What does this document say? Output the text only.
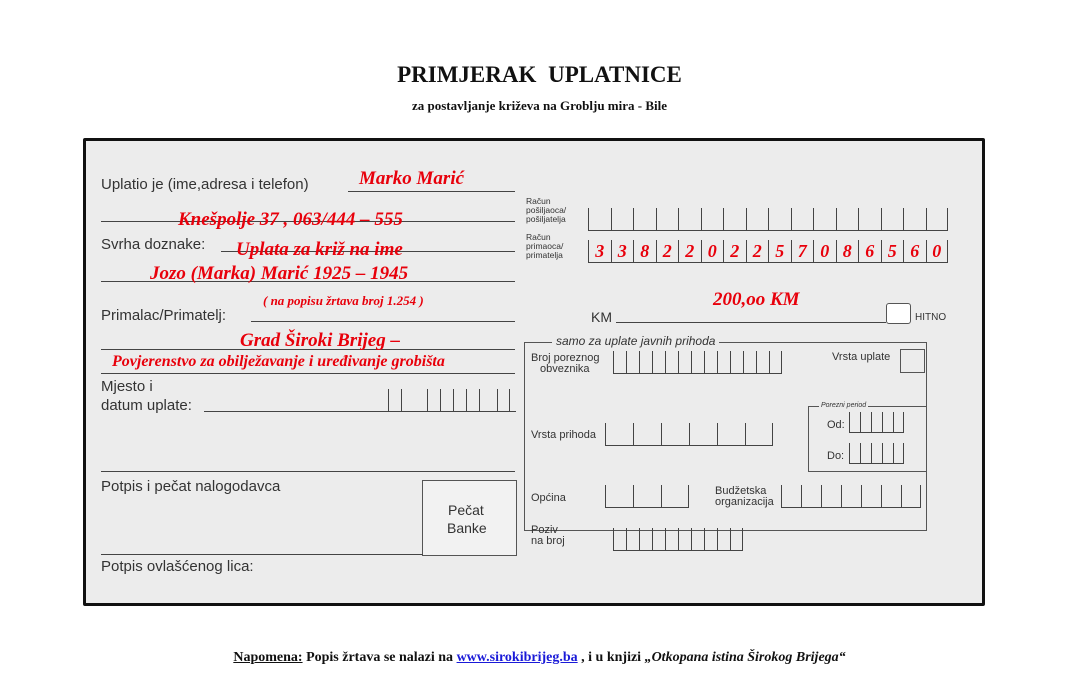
PRIMJERAK UPLATNICE
za postavljanje križeva na Groblju mira - Bile
Uplatio je (ime,adresa i telefon)	Marko Marić
Knešpolje 37 , 063/444 – 555
Svrha doznake: Uplata za križ na ime
Jozo (Marka) Marić 1925 – 1945
( na popisu žrtava broj 1.254 )
Primalac/Primatelj:
Grad Široki Brijeg –
Povjerenstvo za obilježavanje i uređivanje grobišta
Mjesto i
datum uplate:
Potpis i pečat nalogodavca
Pečat
Banke
Potpis ovlašćenog lica:
Račun
pošiljaoca/
pošiljatelja
Račun
primaoca/
primatelja	3 3 8 2 2 0 2 2 5 7 0 8 6 5 6 0
KM
200,oo KM
HITNO
samo za uplate javnih prihoda
Broj poreznog
obveznika
Vrsta uplate
Porezni period
Od:
Do:
Vrsta prihoda
Općina
Budžetska
organizacija
Poziv
na broj
Napomena: Popis žrtava se nalazi na www.sirokibrijeg.ba , i u knjizi „Otkopana istina Širokog Brijega“
